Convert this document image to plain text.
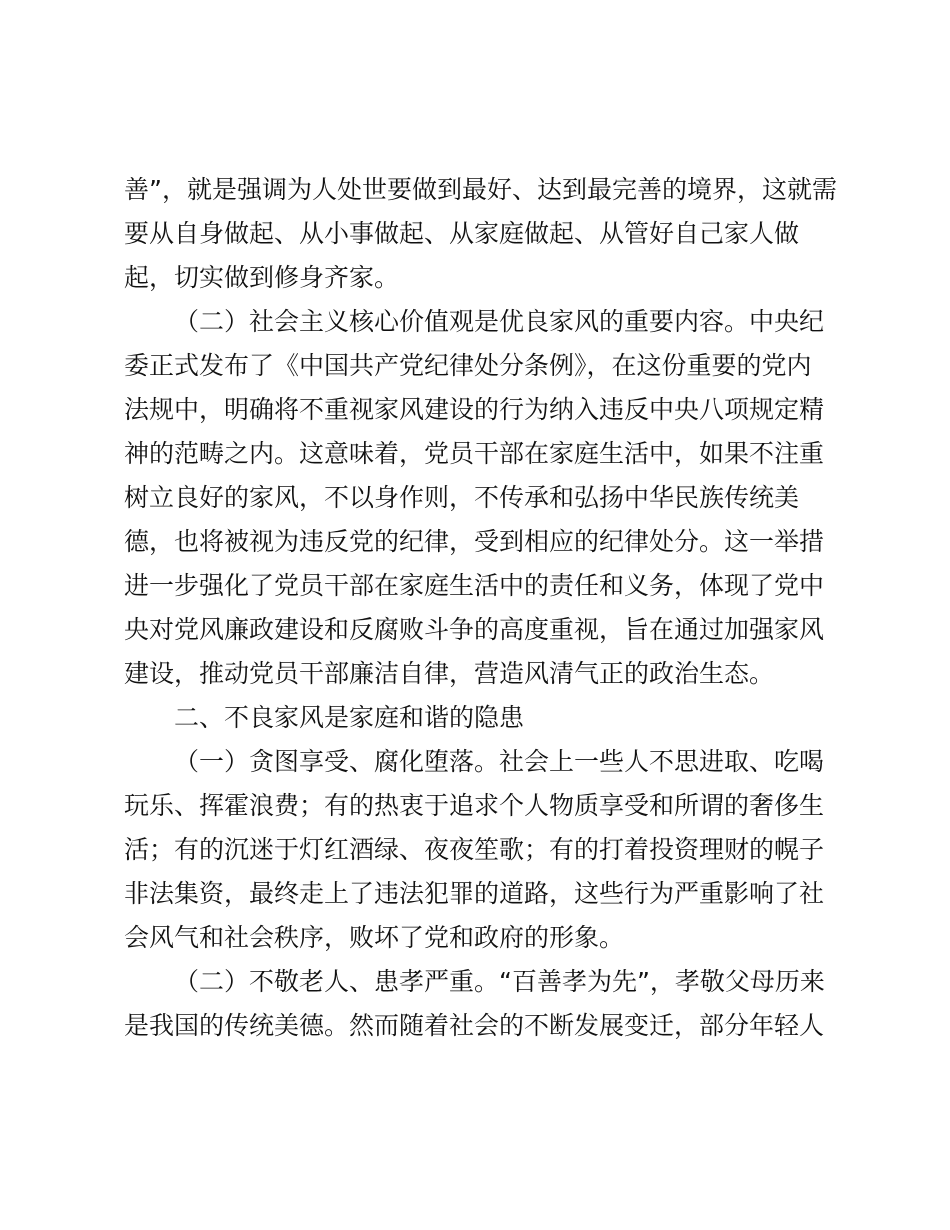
善”，就是强调为人处世要做到最好、达到最完善的境界，这就需
要从自身做起、从小事做起、从家庭做起、从管好自己家人做
起，切实做到修身齐家。
（二）社会主义核心价值观是优良家风的重要内容。中央纪
委正式发布了《中国共产党纪律处分条例》，在这份重要的党内
法规中，明确将不重视家风建设的行为纳入违反中央八项规定精
神的范畴之内。这意味着，党员干部在家庭生活中，如果不注重
树立良好的家风，不以身作则，不传承和弘扬中华民族传统美
德，也将被视为违反党的纪律，受到相应的纪律处分。这一举措
进一步强化了党员干部在家庭生活中的责任和义务，体现了党中
央对党风廉政建设和反腐败斗争的高度重视，旨在通过加强家风
建设，推动党员干部廉洁自律，营造风清气正的政治生态。
二、不良家风是家庭和谐的隐患
（一）贪图享受、腐化堕落。社会上一些人不思进取、吃喝
玩乐、挥霍浪费；有的热衷于追求个人物质享受和所谓的奢侈生
活；有的沉迷于灯红酒绿、夜夜笙歌；有的打着投资理财的幌子
非法集资，最终走上了违法犯罪的道路，这些行为严重影响了社
会风气和社会秩序，败坏了党和政府的形象。
（二）不敬老人、患孝严重。“百善孝为先”，孝敬父母历来
是我国的传统美德。然而随着社会的不断发展变迁，部分年轻人
